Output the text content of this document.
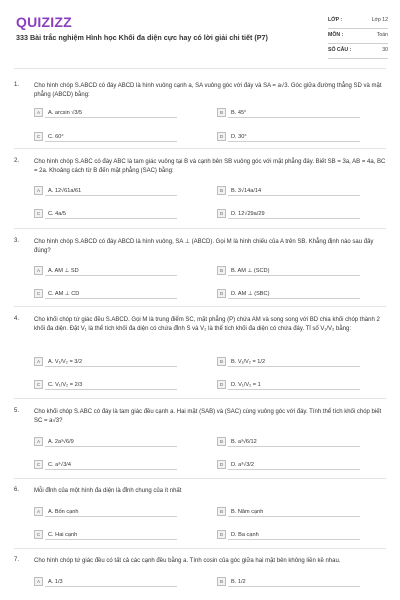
QUIZIZZ
333 Bài trắc nghiệm Hình học Khối đa diện cực hay có lời giải chi tiết (P7)
LỚP :	Lớp 12
MÔN :	Toán
SỐ CÂU :	30
1. Cho hình chóp S.ABCD có đáy ABCD là hình vuông cạnh a, SA vuông góc với đáy và SA = a√3. Góc giữa đường thẳng SD và mặt phẳng (ABCD) bằng:
A	A. arcsin √3/5	B	B. 45°
C	C. 60°	D	D. 30°
2. Cho hình chóp S.ABC có đáy ABC là tam giác vuông tại B và cạnh bên SB vuông góc với mặt phẳng đáy. Biết SB = 3a, AB = 4a, BC = 2a. Khoảng cách từ B đến mặt phẳng (SAC) bằng:
A	A. 12√61a/61	B	B. 3√14a/14
C	C. 4a/5	D	D. 12√29a/29
3. Cho hình chóp S.ABCD có đáy ABCD là hình vuông, SA ⊥ (ABCD). Gọi M là hình chiếu của A trên SB. Khẳng định nào sau đây đúng?
A	A. AM ⊥ SD	B	B. AM ⊥ (SCD)
C	C. AM ⊥ CD	D	D. AM ⊥ (SBC)
4. Cho khối chóp tứ giác đều S.ABCD. Gọi M là trung điểm SC, mặt phẳng (P) chứa AM và song song với BD chia khối chóp thành 2 khối đa diện. Đặt V₁ là thể tích khối đa diện có chứa đỉnh S và V₂ là thể tích khối đa diện có chứa đáy. Tỉ số V₁/V₂ bằng:
A	A. V₁/V₂ = 3/2	B	B. V₁/V₂ = 1/2
C	C. V₁/V₂ = 2/3	D	D. V₁/V₂ = 1
5. Cho khối chóp S.ABC có đáy là tam giác đều cạnh a. Hai mặt (SAB) và (SAC) cùng vuông góc với đáy. Tính thể tích khối chóp biết SC = a√3?
A	A. 2a³√6/9	B	B. a³√6/12
C	C. a³√3/4	D	D. a³√3/2
6. Mỗi đỉnh của một hình đa diện là đỉnh chung của ít nhất
A	A. Bốn cạnh	B	B. Năm cạnh
C	C. Hai cạnh	D	D. Ba cạnh
7. Cho hình chóp tứ giác đều có tất cả các cạnh đều bằng a. Tính cosin của góc giữa hai mặt bên không liền kề nhau.
A	A. 1/3	B	B. 1/2
